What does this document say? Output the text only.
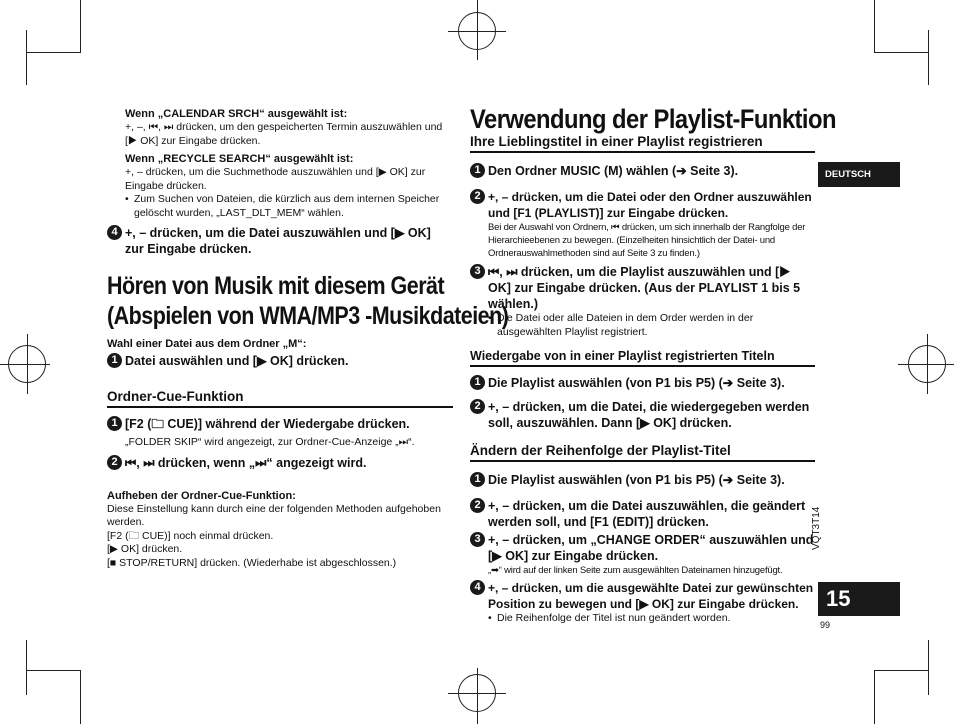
Wenn „CALENDAR SRCH“ ausgewählt ist:
+, –, ⏮, ⏭ drücken, um den gespeicherten Termin auszuwählen und [▶ OK] zur Eingabe drücken.
Wenn „RECYCLE SEARCH“ ausgewählt ist:
+, – drücken, um die Suchmethode auszuwählen und [▶ OK] zur Eingabe drücken.
• Zum Suchen von Dateien, die kürzlich aus dem internen Speicher gelöscht wurden, „LAST_DLT_MEM“ wählen.
4 +, – drücken, um die Datei auszuwählen und [▶ OK] zur Eingabe drücken.
Hören von Musik mit diesem Gerät
(Abspielen von WMA/MP3 -Musikdateien)
Wahl einer Datei aus dem Ordner „M“:
1 Datei auswählen und [▶ OK] drücken.
Ordner-Cue-Funktion
1 [F2 (🗀 CUE)] während der Wiedergabe drücken.
„FOLDER SKIP“ wird angezeigt, zur Ordner-Cue-Anzeige „⏭“.
2 ⏮, ⏭ drücken, wenn „⏭“ angezeigt wird.
Aufheben der Ordner-Cue-Funktion:
Diese Einstellung kann durch eine der folgenden Methoden aufgehoben werden.
[F2 (🗀 CUE)] noch einmal drücken.
[▶ OK] drücken.
[■ STOP/RETURN] drücken. (Wiederhabe ist abgeschlossen.)
Verwendung der Playlist-Funktion
Ihre Lieblingstitel in einer Playlist registrieren
1 Den Ordner MUSIC (M) wählen (➔ Seite 3).
2 +, – drücken, um die Datei oder den Ordner auszuwählen und [F1 (PLAYLIST)] zur Eingabe drücken.
Bei der Auswahl von Ordnern, ⏮ drücken, um sich innerhalb der Rangfolge der Hierarchieebenen zu bewegen. (Einzelheiten hinsichtlich der Datei- und Ordnerauswahlmethoden sind auf Seite 3 zu finden.)
3 ⏮, ⏭ drücken, um die Playlist auszuwählen und [▶ OK] zur Eingabe drücken. (Aus der PLAYLIST 1 bis 5 wählen.)
• Die Datei oder alle Dateien in dem Order werden in der ausgewählten Playlist registriert.
Wiedergabe von in einer Playlist registrierten Titeln
1 Die Playlist auswählen (von P1 bis P5) (➔ Seite 3).
2 +, – drücken, um die Datei, die wiedergegeben werden soll, auszuwählen. Dann [▶ OK] drücken.
Ändern der Reihenfolge der Playlist-Titel
1 Die Playlist auswählen (von P1 bis P5) (➔ Seite 3).
2 +, – drücken, um die Datei auszuwählen, die geändert werden soll, und [F1 (EDIT)] drücken.
3 +, – drücken, um „CHANGE ORDER“ auszuwählen und [▶ OK] zur Eingabe drücken.
„➡“ wird auf der linken Seite zum ausgewählten Dateinamen hinzugefügt.
4 +, – drücken, um die ausgewählte Datei zur gewünschten Position zu bewegen und [▶ OK] zur Eingabe drücken.
• Die Reihenfolge der Titel ist nun geändert worden.
DEUTSCH
VQT3T14
15
99
